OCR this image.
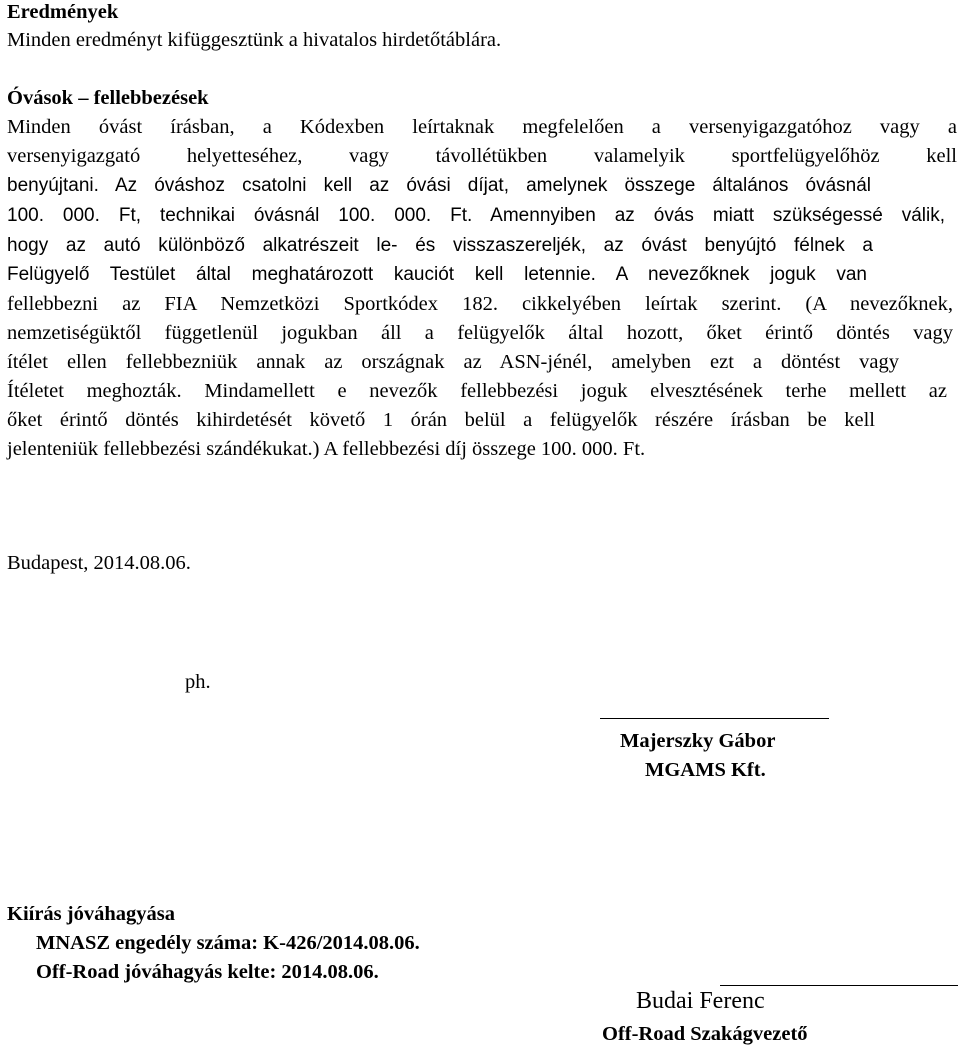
Eredmények
Minden eredményt kifüggesztünk a hivatalos hirdetőtáblára.
Óvások – fellebbezések
Minden óvást írásban, a Kódexben leírtaknak megfelelően a versenyigazgatóhoz vagy a
versenyigazgató helyetteséhez, vagy távollétükben valamelyik sportfelügyelőhöz kell
benyújtani. Az óváshoz csatolni kell az óvási díjat, amelynek összege általános óvásnál
100. 000. Ft, technikai óvásnál 100. 000. Ft. Amennyiben az óvás miatt szükségessé válik,
hogy az autó különböző alkatrészeit le- és visszaszereljék, az óvást benyújtó félnek a
Felügyelő Testület által meghatározott kauciót kell letennie. A nevezőknek joguk van
fellebbezni az FIA Nemzetközi Sportkódex 182. cikkelyében leírtak szerint. (A nevezőknek,
nemzetiségüktől függetlenül jogukban áll a felügyelők által hozott, őket érintő döntés vagy
ítélet ellen fellebbezniük annak az országnak az ASN-jénél, amelyben ezt a döntést vagy
Ítéletet meghozták. Mindamellett e nevezők fellebbezési joguk elvesztésének terhe mellett az
őket érintő döntés kihirdetését követő 1 órán belül a felügyelők részére írásban be kell
jelenteniük fellebbezési szándékukat.) A fellebbezési díj összege 100. 000. Ft.
Budapest, 2014.08.06.
ph.
Majerszky Gábor
MGAMS Kft.
Kiírás jóváhagyása
MNASZ engedély száma: K-426/2014.08.06.
Off-Road jóváhagyás kelte: 2014.08.06.
Budai Ferenc
Off-Road Szakágvezető
